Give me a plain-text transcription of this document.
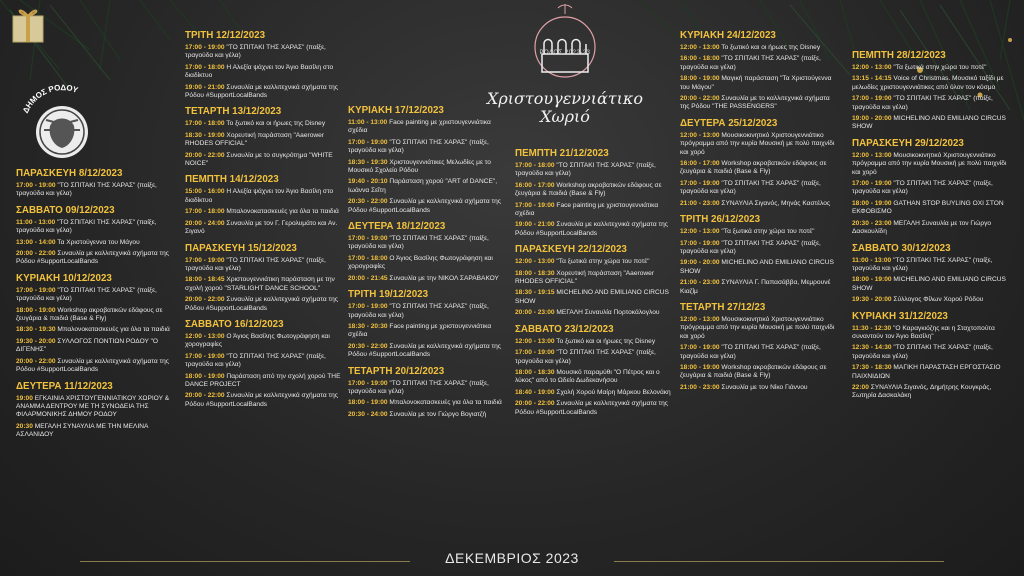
ΔΗΜΟΣ ΡΟΔΟΥ
ΡΟΔΟΣ 2022-23
Χριστουγεννιάτικο
Χωριό
ΠΑΡΑΣΚΕΥΗ 8/12/2023
17:00 - 19:00 "ΤΟ ΣΠΙΤΑΚΙ ΤΗΣ ΧΑΡΑΣ" (παίξε, τραγούδα και γέλα)
ΣΑΒΒΑΤΟ 09/12/2023
11:00 - 13:00 "ΤΟ ΣΠΙΤΑΚΙ ΤΗΣ ΧΑΡΑΣ" (παίξε, τραγούδα και γέλα)
13:00 - 14:00 Τα Χριστούγεννα του Μάγου
20:00 - 22:00 Συναυλία με καλλιτεχνικά σχήματα της Ρόδου #SupportLocalBands
ΚΥΡΙΑΚΗ 10/12/2023
17:00 - 19:00 "ΤΟ ΣΠΙΤΑΚΙ ΤΗΣ ΧΑΡΑΣ" (παίξε, τραγούδα και γέλα)
18:00 - 19:00 Workshop ακροβατικών εδάφους σε ζευγάρια & παιδιά (Base & Fly)
18:30 - 19:30 Μπαλονοκατασκευές για όλα τα παιδιά
19:30 - 20:00 ΣΥΛΛΟΓΟΣ ΠΟΝΤΙΩΝ ΡΟΔΟΥ "Ο ΔΙΓΕΝΗΣ"
20:00 - 22:00 Συναυλία με καλλιτεχνικά σχήματα της Ρόδου #SupportLocalBands
ΔΕΥΤΕΡΑ 11/12/2023
19:00 ΕΓΚΑΙΝΙΑ ΧΡΙΣΤΟΥΓΕΝΝΙΑΤΙΚΟΥ ΧΩΡΙΟΥ & ΑΝΑΜΜΑ ΔΕΝΤΡΟΥ ΜΕ ΤΗ ΣΥΝΟΔΕΙΑ ΤΗΣ ΦΙΛΑΡΜΟΝΙΚΗΣ ΔΗΜΟΥ ΡΟΔΟΥ
20:30 ΜΕΓΑΛΗ ΣΥΝΑΥΛΙΑ ΜΕ ΤΗΝ ΜΕΛΙΝΑ ΑΣΛΑΝΙΔΟΥ
ΤΡΙΤΗ 12/12/2023
17:00 - 19:00 "ΤΟ ΣΠΙΤΑΚΙ ΤΗΣ ΧΑΡΑΣ" (παίξε, τραγούδα και γέλα)
17:00 - 18:00 Η Αλεξία ψάχνει τον Άγιο Βασίλη στο διαδίκτυο
19:00 - 21:00 Συναυλία με καλλιτεχνικά σχήματα της Ρόδου #SupportLocalBands
ΤΕΤΑΡΤΗ 13/12/2023
17:00 - 18:00 Το ξωτικό και οι ήρωες της Disney
18:30 - 19:00 Χορευτική παράσταση "Aaerower RHODES OFFICIAL"
20:00 - 22:00 Συναυλία με το συγκρότημα "WHITE NOICE"
ΠΕΜΠΤΗ 14/12/2023
15:00 - 16:00 Η Αλεξία ψάχνει τον Άγιο Βασίλη στο διαδίκτυο
17:00 - 18:00 Μπαλονοκατασκευές για όλα τα παιδιά
20:00 - 24:00 Συναυλία με τον Γ. Γερολυμάτο και Αν. Σιγανό
ΠΑΡΑΣΚΕΥΗ 15/12/2023
17:00 - 19:00 "ΤΟ ΣΠΙΤΑΚΙ ΤΗΣ ΧΑΡΑΣ" (παίξε, τραγούδα και γέλα)
18:00 - 18:45 Χριστουγεννιάτικη παράσταση με την σχολή χορού "STARLIGHT DANCE SCHOOL"
20:00 - 22:00 Συναυλία με καλλιτεχνικά σχήματα της Ρόδου #SupportLocalBands
ΣΑΒΒΑΤΟ 16/12/2023
12:00 - 13:00 Ο Άγιος Βασίλης Φωτογράφηση και χορογραφίες
17:00 - 19:00 "ΤΟ ΣΠΙΤΑΚΙ ΤΗΣ ΧΑΡΑΣ" (παίξε, τραγούδα και γέλα)
18:00 - 19:00 Παράσταση από την σχολή χορού THE DANCE PROJECT
20:00 - 22:00 Συναυλία με καλλιτεχνικά σχήματα της Ρόδου #SupportLocalBands
ΚΥΡΙΑΚΗ 17/12/2023
11:00 - 13:00 Face painting με χριστουγεννιάτικα σχέδια
17:00 - 19:00 "ΤΟ ΣΠΙΤΑΚΙ ΤΗΣ ΧΑΡΑΣ" (παίξε, τραγούδα και γέλα)
18:30 - 19:30 Χριστουγεννιάτικες Μελωδίες με το Μουσικό Σχολείο Ρόδου
19:40 - 20:10 Παράσταση χορού "ART of DANCE", Ιωάννα Σεΐτη
20:30 - 22:00 Συναυλία με καλλιτεχνικά σχήματα της Ρόδου #SupportLocalBands
ΔΕΥΤΕΡΑ 18/12/2023
17:00 - 19:00 "ΤΟ ΣΠΙΤΑΚΙ ΤΗΣ ΧΑΡΑΣ" (παίξε, τραγούδα και γέλα)
17:00 - 18:00 Ο Άγιος Βασίλης Φωτογράφηση και χορογραφίες
20:00 - 21:45 Συναυλία με την ΝΙΚΟΛ ΣΑΡΑΒΑΚΟΥ
ΤΡΙΤΗ 19/12/2023
17:00 - 19:00 "ΤΟ ΣΠΙΤΑΚΙ ΤΗΣ ΧΑΡΑΣ" (παίξε, τραγούδα και γέλα)
18:30 - 20:30 Face painting με χριστουγεννιάτικα σχέδια
20:30 - 22:00 Συναυλία με καλλιτεχνικά σχήματα της Ρόδου #SupportLocalBands
ΤΕΤΑΡΤΗ 20/12/2023
17:00 - 19:00 "ΤΟ ΣΠΙΤΑΚΙ ΤΗΣ ΧΑΡΑΣ" (παίξε, τραγούδα και γέλα)
18:00 - 19:00 Μπαλονοκατασκευές για όλα τα παιδιά
20:30 - 24:00 Συναυλία με τον Γιώργο Βογιατζή
ΠΕΜΠΤΗ 21/12/2023
17:00 - 18:00 "ΤΟ ΣΠΙΤΑΚΙ ΤΗΣ ΧΑΡΑΣ" (παίξε, τραγούδα και γέλα)
16:00 - 17:00 Workshop ακροβατικών εδάφους σε ζευγάρια & παιδιά (Base & Fly)
17:00 - 19:00 Face painting με χριστουγεννιάτικα σχέδια
19:00 - 21:00 Συναυλία με καλλιτεχνικά σχήματα της Ρόδου #SupportLocalBands
ΠΑΡΑΣΚΕΥΗ 22/12/2023
12:00 - 13:00 "Τα ξωτικά στην χώρα του ποτέ"
18:00 - 18:30 Χορευτική παράσταση "Aaerower RHODES OFFICIAL"
18:30 - 19:15 MICHELINO AND EMILIANO CIRCUS SHOW
20:00 - 23:00 ΜΕΓΑΛΗ Συναυλία Πορτοκάλογλου
ΣΑΒΒΑΤΟ 23/12/2023
12:00 - 13:00 Το ξωτικό και οι ήρωες της Disney
17:00 - 19:00 "ΤΟ ΣΠΙΤΑΚΙ ΤΗΣ ΧΑΡΑΣ" (παίξε, τραγούδα και γέλα)
18:00 - 18:30 Μουσικό παραμύθι "Ο Πέτρος και ο λύκος" από το Ωδείο Δωδεκανήσου
18:40 - 19:00 Σχολή Χορού Μαίρη Μάρκου Βελονάκη
20:00 - 22:00 Συναυλία με καλλιτεχνικά σχήματα της Ρόδου #SupportLocalBands
ΚΥΡΙΑΚΗ 24/12/2023
12:00 - 13:00 Το ξωτικό και οι ήρωες της Disney
16:00 - 18:00 "ΤΟ ΣΠΙΤΑΚΙ ΤΗΣ ΧΑΡΑΣ" (παίξε, τραγούδα και γέλα)
18:00 - 19:00 Μαγική παράσταση "Τα Χριστούγεννα του Μάγου"
20:00 - 22:00 Συναυλία με το καλλιτεχνικά σχήματα της Ρόδου "THE PASSENGERS"
ΔΕΥΤΕΡΑ 25/12/2023
12:00 - 13:00 Μουσικοκινητικό Χριστουγεννιάτικο πρόγραμμα από την κυρία Μουσική με πολύ παιχνίδι και χορό
16:00 - 17:00 Workshop ακροβατικών εδάφους σε ζευγάρια & παιδιά (Base & Fly)
17:00 - 19:00 "ΤΟ ΣΠΙΤΑΚΙ ΤΗΣ ΧΑΡΑΣ" (παίξε, τραγούδα και γέλα)
21:00 - 23:00 ΣΥΝΑΥΛΙΑ Σιγανός, Μηνάς Καστέλος
ΤΡΙΤΗ 26/12/2023
12:00 - 13:00 "Τα ξωτικά στην χώρα του ποτέ"
17:00 - 19:00 "ΤΟ ΣΠΙΤΑΚΙ ΤΗΣ ΧΑΡΑΣ" (παίξε, τραγούδα και γέλα)
19:00 - 20:00 MICHELINO AND EMILIANO CIRCUS SHOW
21:00 - 23:00 ΣΥΝΑΥΛΙΑ Γ. Παπασάββα, Μεμρουνέ Κιαζίμ
ΤΕΤΑΡΤΗ 27/12/23
12:00 - 13:00 Μουσικοκινητικό Χριστουγεννιάτικο πρόγραμμα από την κυρία Μουσική με πολύ παιχνίδι και χορό
17:00 - 19:00 "ΤΟ ΣΠΙΤΑΚΙ ΤΗΣ ΧΑΡΑΣ" (παίξε, τραγούδα και γέλα)
18:00 - 19:00 Workshop ακροβατικών εδάφους σε ζευγάρια & παιδιά (Base & Fly)
21:00 - 23:00 Συναυλία με τον Νίκο Γιάννου
ΠΕΜΠΤΗ 28/12/2023
12:00 - 13:00 "Τα ξωτικά στην χώρα του ποτέ"
13:15 - 14:15 Voice of Christmas. Μουσικό ταξίδι με μελωδίες χριστουγεννιάτικες από όλον τον κόσμο
17:00 - 19:00 "ΤΟ ΣΠΙΤΑΚΙ ΤΗΣ ΧΑΡΑΣ" (παίξε, τραγούδα και γέλα)
19:00 - 20:00 MICHELINO AND EMILIANO CIRCUS SHOW
ΠΑΡΑΣΚΕΥΗ 29/12/2023
12:00 - 13:00 Μουσικοκινητικό Χριστουγεννιάτικο πρόγραμμα από την κυρία Μουσική με πολύ παιχνίδι και χορό
17:00 - 19:00 "ΤΟ ΣΠΙΤΑΚΙ ΤΗΣ ΧΑΡΑΣ" (παίξε, τραγούδα και γέλα)
18:00 - 19:00 GATHAN STOP BUYLING ΟΧΙ ΣΤΟΝ ΕΚΦΟΒΙΣΜΟ
20:30 - 23:00 ΜΕΓΑΛΗ Συναυλία με τον Γιώργο Δασκουλίδη
ΣΑΒΒΑΤΟ 30/12/2023
11:00 - 13:00 "ΤΟ ΣΠΙΤΑΚΙ ΤΗΣ ΧΑΡΑΣ" (παίξε, τραγούδα και γέλα)
18:00 - 19:00 MICHELINO AND EMILIANO CIRCUS SHOW
19:30 - 20:00 Σύλλογος Φίλων Χορού Ρόδου
ΚΥΡΙΑΚΗ 31/12/2023
11:30 - 12:30 "Ο Καραγκιόζης και η Σταχτοπούτα συναντούν τον Άγιο Βασίλη"
12:30 - 14:30 "ΤΟ ΣΠΙΤΑΚΙ ΤΗΣ ΧΑΡΑΣ" (παίξε, τραγούδα και γέλα)
17:30 - 18:30 ΜΑΓΙΚΗ ΠΑΡΑΣΤΑΣΗ ΕΡΓΟΣΤΑΣΙΟ ΠΑΙΧΝΙΔΙΩΝ
22:00 ΣΥΝΑΥΛΙΑ Σιγανός, Δημήτρης Κουγκράς, Σωτηρία Δασκαλάκη
ΔΕΚΕΜΒΡΙΟΣ 2023
